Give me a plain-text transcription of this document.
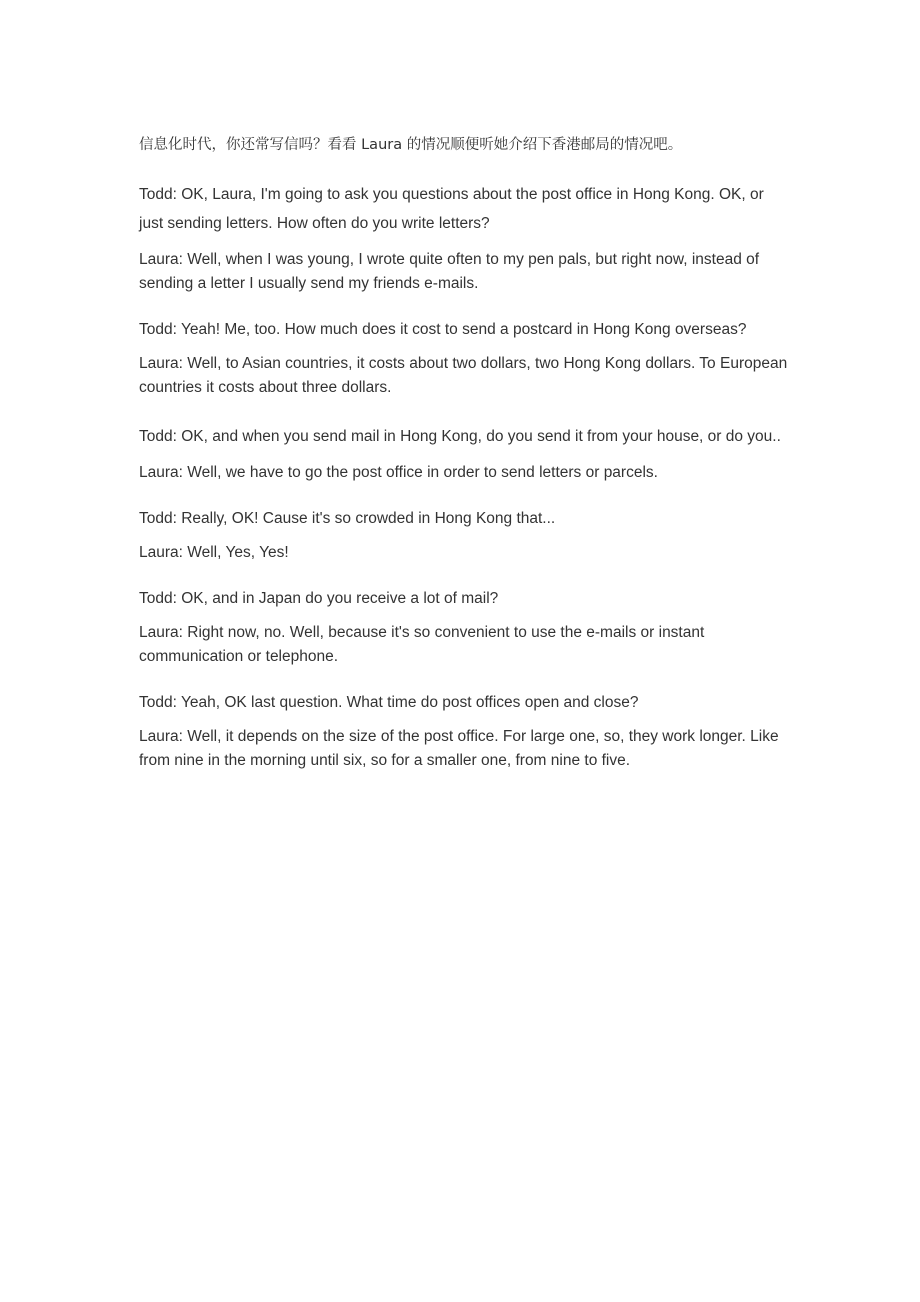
信息化时代，你还常写信吗？看看 Laura 的情况顺便听她介绍下香港邮局的情况吧。

Todd: OK, Laura, I'm going to ask you questions about the post office in Hong Kong. OK, or just sending letters. How often do you write letters?

Laura: Well, when I was young, I wrote quite often to my pen pals, but right now, instead of sending a letter I usually send my friends e-mails.

Todd: Yeah! Me, too. How much does it cost to send a postcard in Hong Kong overseas?

Laura: Well, to Asian countries, it costs about two dollars, two Hong Kong dollars. To European countries it costs about three dollars.

Todd: OK, and when you send mail in Hong Kong, do you send it from your house, or do you..

Laura: Well, we have to go the post office in order to send letters or parcels.

Todd: Really, OK! Cause it's so crowded in Hong Kong that...

Laura: Well, Yes, Yes!

Todd: OK, and in Japan do you receive a lot of mail?

Laura: Right now, no. Well, because it's so convenient to use the e-mails or instant communication or telephone.

Todd: Yeah, OK last question. What time do post offices open and close?

Laura: Well, it depends on the size of the post office. For large one, so, they work longer. Like from nine in the morning until six, so for a smaller one, from nine to five.
